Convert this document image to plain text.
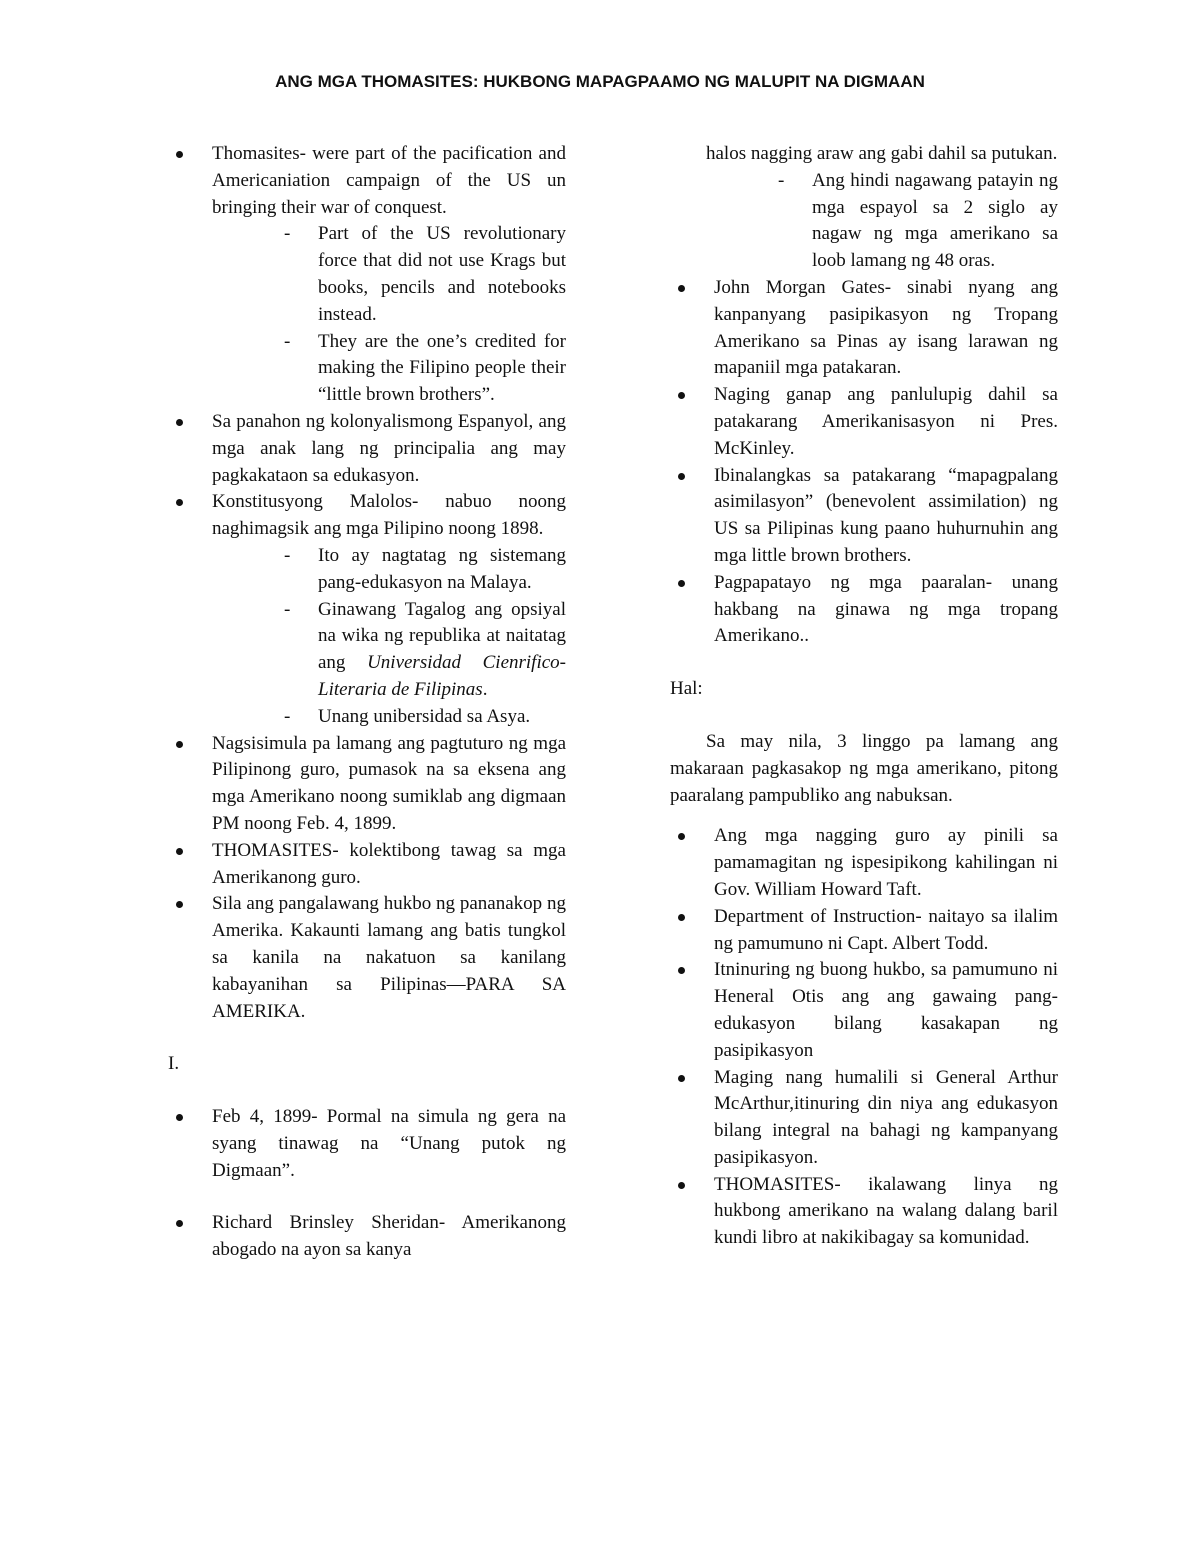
ANG MGA THOMASITES: HUKBONG MAPAGPAAMO NG MALUPIT NA DIGMAAN
Thomasites- were part of the pacification and Americaniation campaign of the US un bringing their war of conquest.
- Part of the US revolutionary force that did not use Krags but books, pencils and notebooks instead.
- They are the one’s credited for making the Filipino people their “little brown brothers”.
Sa panahon ng kolonyalismong Espanyol, ang mga anak lang ng principalia ang may pagkakataon sa edukasyon.
Konstitusyong Malolos- nabuo noong naghimagsik ang mga Pilipino noong 1898.
- Ito ay nagtatag ng sistemang pang-edukasyon na Malaya.
- Ginawang Tagalog ang opsiyal na wika ng republika at naitatag ang Universidad Cienrifico-Literaria de Filipinas.
- Unang unibersidad sa Asya.
Nagsisimula pa lamang ang pagtuturo ng mga Pilipinong guro, pumasok na sa eksena ang mga Amerikano noong sumiklab ang digmaan PM noong Feb. 4, 1899.
THOMASITES- kolektibong tawag sa mga Amerikanong guro.
Sila ang pangalawang hukbo ng pananakop ng Amerika. Kakaunti lamang ang batis tungkol sa kanila na nakatuon sa kanilang kabayanihan sa Pilipinas—PARA SA AMERIKA.
I.
Feb 4, 1899- Pormal na simula ng gera na syang tinawag na “Unang putok ng Digmaan”.
Richard Brinsley Sheridan- Amerikanong abogado na ayon sa kanya
halos nagging araw ang gabi dahil sa putukan.
- Ang hindi nagawang patayin ng mga espayol sa 2 siglo ay nagaw ng mga amerikano sa loob lamang ng 48 oras.
John Morgan Gates- sinabi nyang ang kanpanyang pasipikasyon ng Tropang Amerikano sa Pinas ay isang larawan ng mapaniil mga patakaran.
Naging ganap ang panlulupig dahil sa patakarang Amerikanisasyon ni Pres. McKinley.
Ibinalangkas sa patakarang “mapagpalang asimilasyon” (benevolent assimilation) ng US sa Pilipinas kung paano huhurnuhin ang mga little brown brothers.
Pagpapatayo ng mga paaralan- unang hakbang na ginawa ng mga tropang Amerikano..
Hal:
Sa may nila, 3 linggo pa lamang ang makaraan pagkasakop ng mga amerikano, pitong paaralang pampubliko ang nabuksan.
Ang mga nagging guro ay pinili sa pamamagitan ng ispesipikong kahilingan ni Gov. William Howard Taft.
Department of Instruction- naitayo sa ilalim ng pamumuno ni Capt. Albert Todd.
Itninuring ng buong hukbo, sa pamumuno ni Heneral Otis ang ang gawaing pang-edukasyon bilang kasakapan ng pasipikasyon
Maging nang humalili si General Arthur McArthur,itinuring din niya ang edukasyon bilang integral na bahagi ng kampanyang pasipikasyon.
THOMASITES- ikalawang linya ng hukbong amerikano na walang dalang baril kundi libro at nakikibagay sa komunidad.
